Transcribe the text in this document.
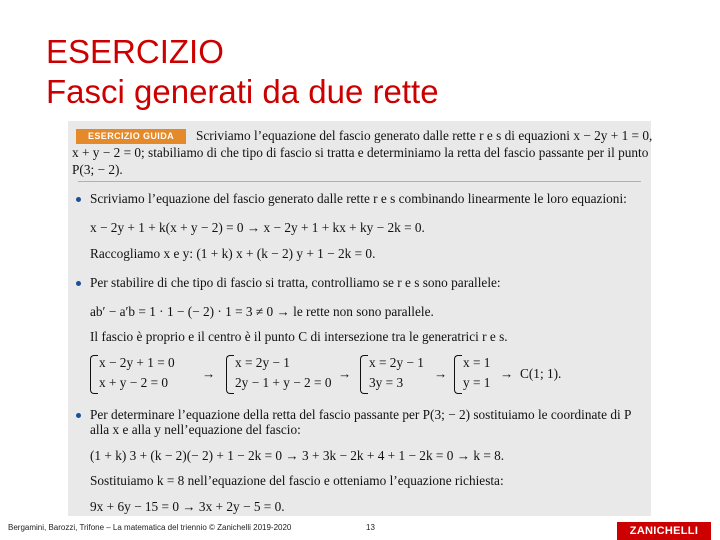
ESERCIZIO
Fasci generati da due rette
ESERCIZIO GUIDA	Scriviamo l’equazione del fascio generato dalle rette r e s di equazioni x − 2y + 1 = 0,
x + y − 2 = 0; stabiliamo di che tipo di fascio si tratta e determiniamo la retta del fascio passante per il punto
P(3; − 2).
Scriviamo l’equazione del fascio generato dalle rette r e s combinando linearmente le loro equazioni:
x − 2y + 1 + k(x + y − 2) = 0 → x − 2y + 1 + kx + ky − 2k = 0.
Raccogliamo x e y: (1 + k) x + (k − 2) y + 1 − 2k = 0.
Per stabilire di che tipo di fascio si tratta, controlliamo se r e s sono parallele:
ab′ − a′b = 1 · 1 − (− 2) · 1 = 3 ≠ 0 → le rette non sono parallele.
Il fascio è proprio e il centro è il punto C di intersezione tra le generatrici r e s.
x − 2y + 1 = 0
x + y − 2 = 0
→
x = 2y − 1
2y − 1 + y − 2 = 0
→
x = 2y − 1
3y = 3
→
x = 1
y = 1
→ C(1; 1).
Per determinare l’equazione della retta del fascio passante per P(3; − 2) sostituiamo le coordinate di P
alla x e alla y nell’equazione del fascio:
(1 + k) 3 + (k − 2)(− 2) + 1 − 2k = 0 → 3 + 3k − 2k + 4 + 1 − 2k = 0 → k = 8.
Sostituiamo k = 8 nell’equazione del fascio e otteniamo l’equazione richiesta:
9x + 6y − 15 = 0 → 3x + 2y − 5 = 0.
Bergamini, Barozzi, Trifone – La matematica del triennio © Zanichelli 2019-2020	13	ZANICHELLI
